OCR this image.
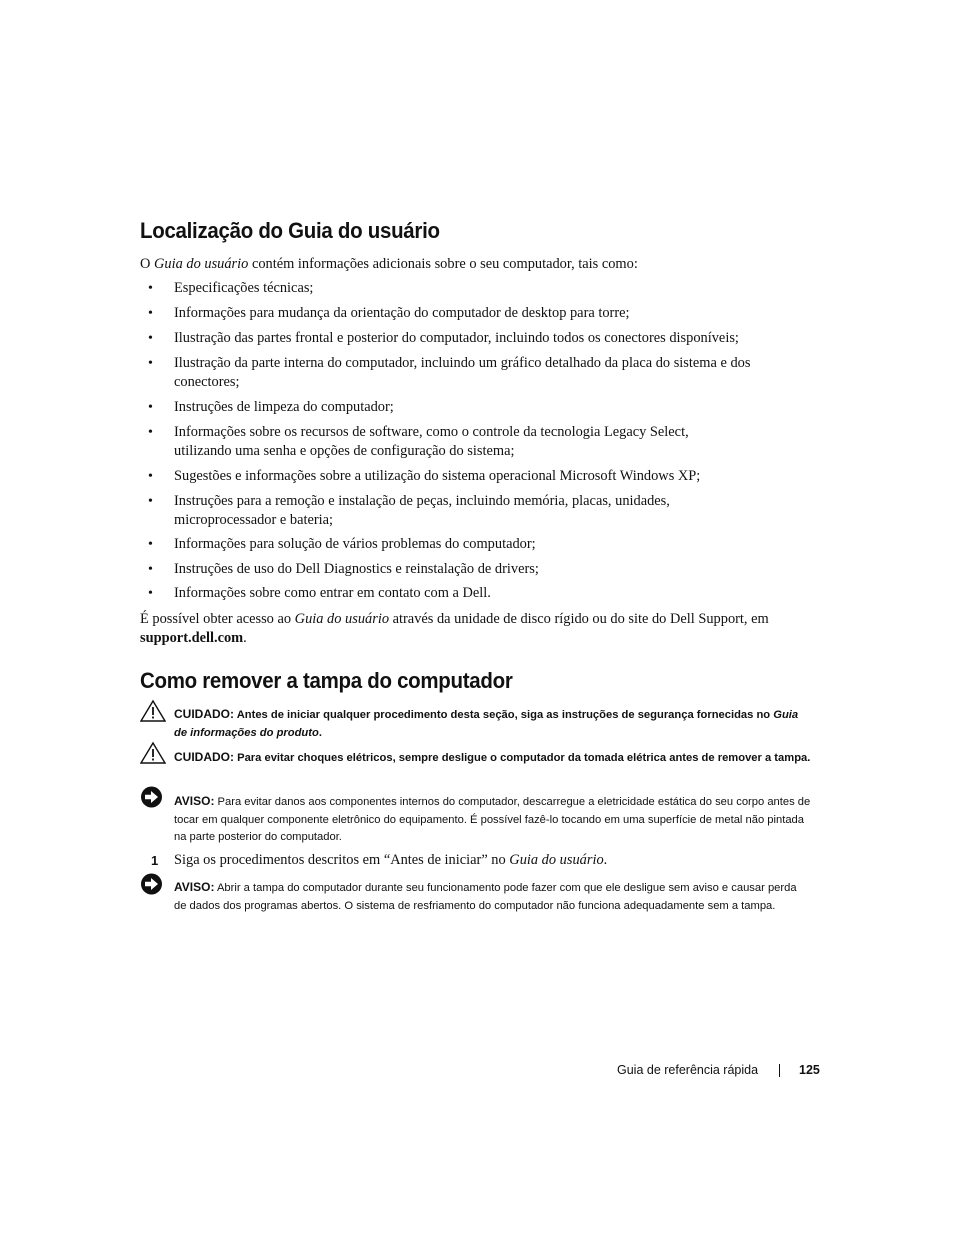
Localização do Guia do usuário

O Guia do usuário contém informações adicionais sobre o seu computador, tais como:

• Especificações técnicas;
• Informações para mudança da orientação do computador de desktop para torre;
• Ilustração das partes frontal e posterior do computador, incluindo todos os conectores disponíveis;
• Ilustração da parte interna do computador, incluindo um gráfico detalhado da placa do sistema e dos conectores;
• Instruções de limpeza do computador;
• Informações sobre os recursos de software, como o controle da tecnologia Legacy Select, utilizando uma senha e opções de configuração do sistema;
• Sugestões e informações sobre a utilização do sistema operacional Microsoft Windows XP;
• Instruções para a remoção e instalação de peças, incluindo memória, placas, unidades, microprocessador e bateria;
• Informações para solução de vários problemas do computador;
• Instruções de uso do Dell Diagnostics e reinstalação de drivers;
• Informações sobre como entrar em contato com a Dell.

É possível obter acesso ao Guia do usuário através da unidade de disco rígido ou do site do Dell Support, em support.dell.com.

Como remover a tampa do computador
CUIDADO: Antes de iniciar qualquer procedimento desta seção, siga as instruções de segurança fornecidas no Guia de informações do produto.
CUIDADO: Para evitar choques elétricos, sempre desligue o computador da tomada elétrica antes de remover a tampa.
AVISO: Para evitar danos aos componentes internos do computador, descarregue a eletricidade estática do seu corpo antes de tocar em qualquer componente eletrônico do equipamento. É possível fazê-lo tocando em uma superfície de metal não pintada na parte posterior do computador.
1 Siga os procedimentos descritos em “Antes de iniciar” no Guia do usuário.
AVISO: Abrir a tampa do computador durante seu funcionamento pode fazer com que ele desligue sem aviso e causar perda de dados dos programas abertos. O sistema de resfriamento do computador não funciona adequadamente sem a tampa.
Guia de referência rápida	125
